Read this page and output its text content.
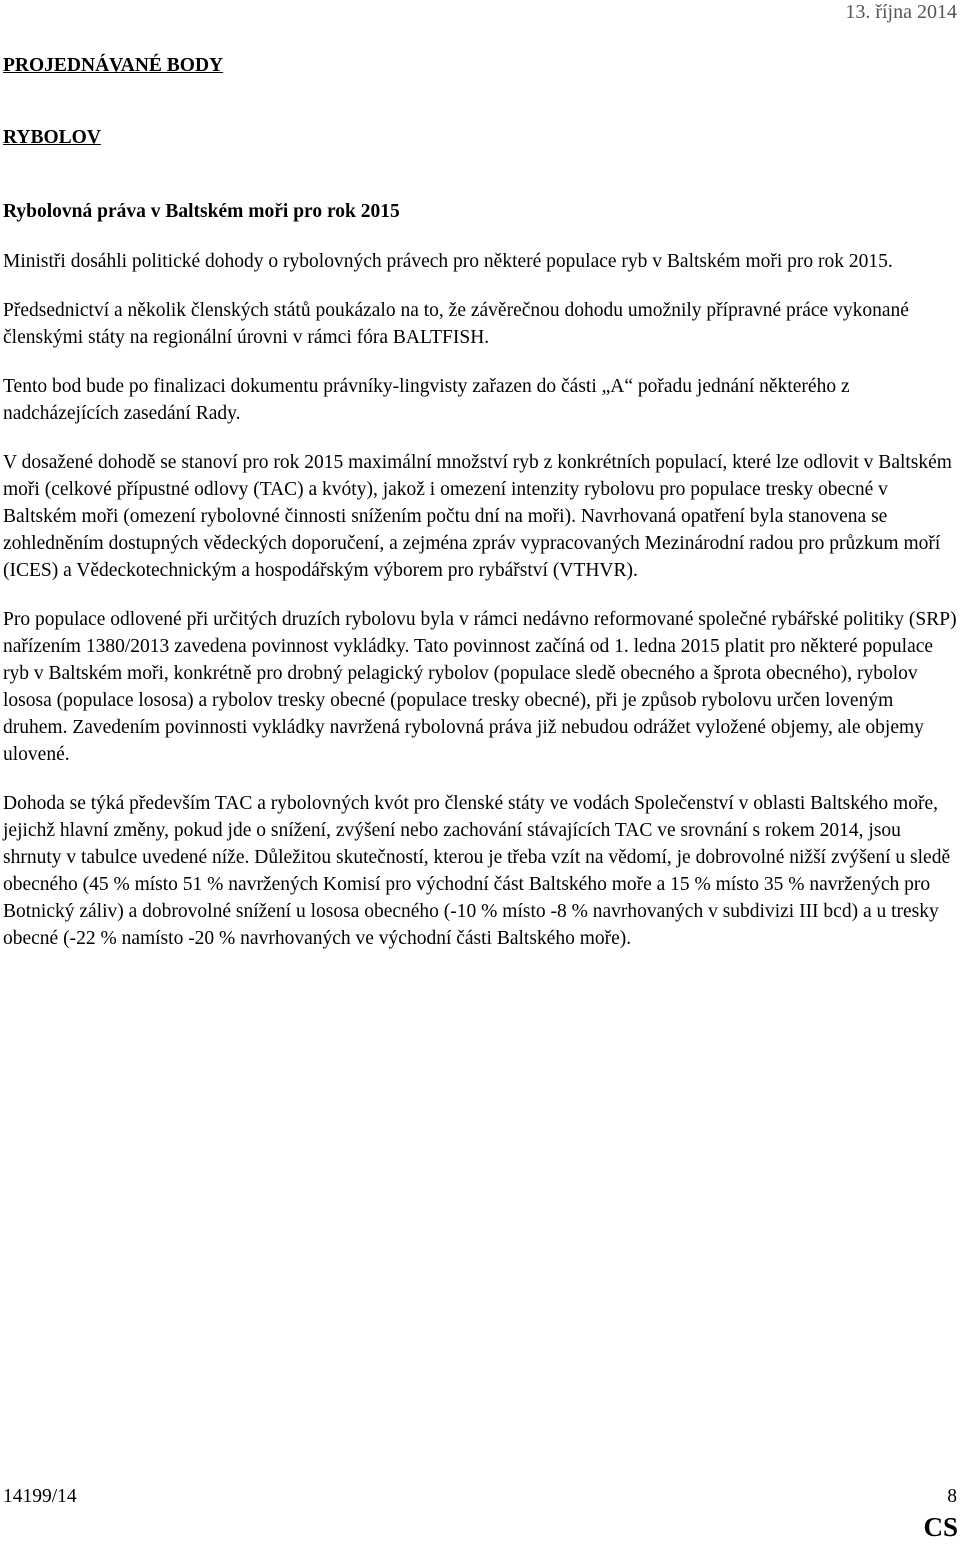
13. října 2014
PROJEDNÁVANÉ BODY
RYBOLOV
Rybolovná práva v Baltském moři pro rok 2015

Ministři dosáhli politické dohody o rybolovných právech pro některé populace ryb v Baltském moři pro rok 2015.

Předsednictví a několik členských států poukázalo na to, že závěrečnou dohodu umožnily přípravné práce vykonané členskými státy na regionální úrovni v rámci fóra BALTFISH.

Tento bod bude po finalizaci dokumentu právníky-lingvisty zařazen do části „A“ pořadu jednání některého z nadcházejících zasedání Rady.

V dosažené dohodě se stanoví pro rok 2015 maximální množství ryb z konkrétních populací, které lze odlovit v Baltském moři (celkové přípustné odlovy (TAC) a kvóty), jakož i omezení intenzity rybolovu pro populace tresky obecné v Baltském moři (omezení rybolovné činnosti snížením počtu dní na moři). Navrhovaná opatření byla stanovena se zohledněním dostupných vědeckých doporučení, a zejména zpráv vypracovaných Mezinárodní radou pro průzkum moří (ICES) a Vědeckotechnickým a hospodářským výborem pro rybářství (VTHVR).

Pro populace odlovené při určitých druzích rybolovu byla v rámci nedávno reformované společné rybářské politiky (SRP) nařízením 1380/2013 zavedena povinnost vykládky. Tato povinnost začíná od 1. ledna 2015 platit pro některé populace ryb v Baltském moři, konkrétně pro drobný pelagický rybolov (populace sledě obecného a šprota obecného), rybolov lososa (populace lososa) a rybolov tresky obecné (populace tresky obecné), při je způsob rybolovu určen loveným druhem. Zavedením povinnosti vykládky navržená rybolovná práva již nebudou odrážet vyložené objemy, ale objemy ulovené.

Dohoda se týká především TAC a rybolovných kvót pro členské státy ve vodách Společenství v oblasti Baltského moře, jejichž hlavní změny, pokud jde o snížení, zvýšení nebo zachování stávajících TAC ve srovnání s rokem 2014, jsou shrnuty v tabulce uvedené níže. Důležitou skutečností, kterou je třeba vzít na vědomí, je dobrovolné nižší zvýšení u sledě obecného (45 % místo 51 % navržených Komisí pro východní část Baltského moře a 15 % místo 35 % navržených pro Botnický záliv) a dobrovolné snížení u lososa obecného (-10 % místo -8 % navrhovaných v subdivizi III bcd) a u tresky obecné (-22 % namísto -20 % navrhovaných ve východní části Baltského moře).

14199/14	8
CS
